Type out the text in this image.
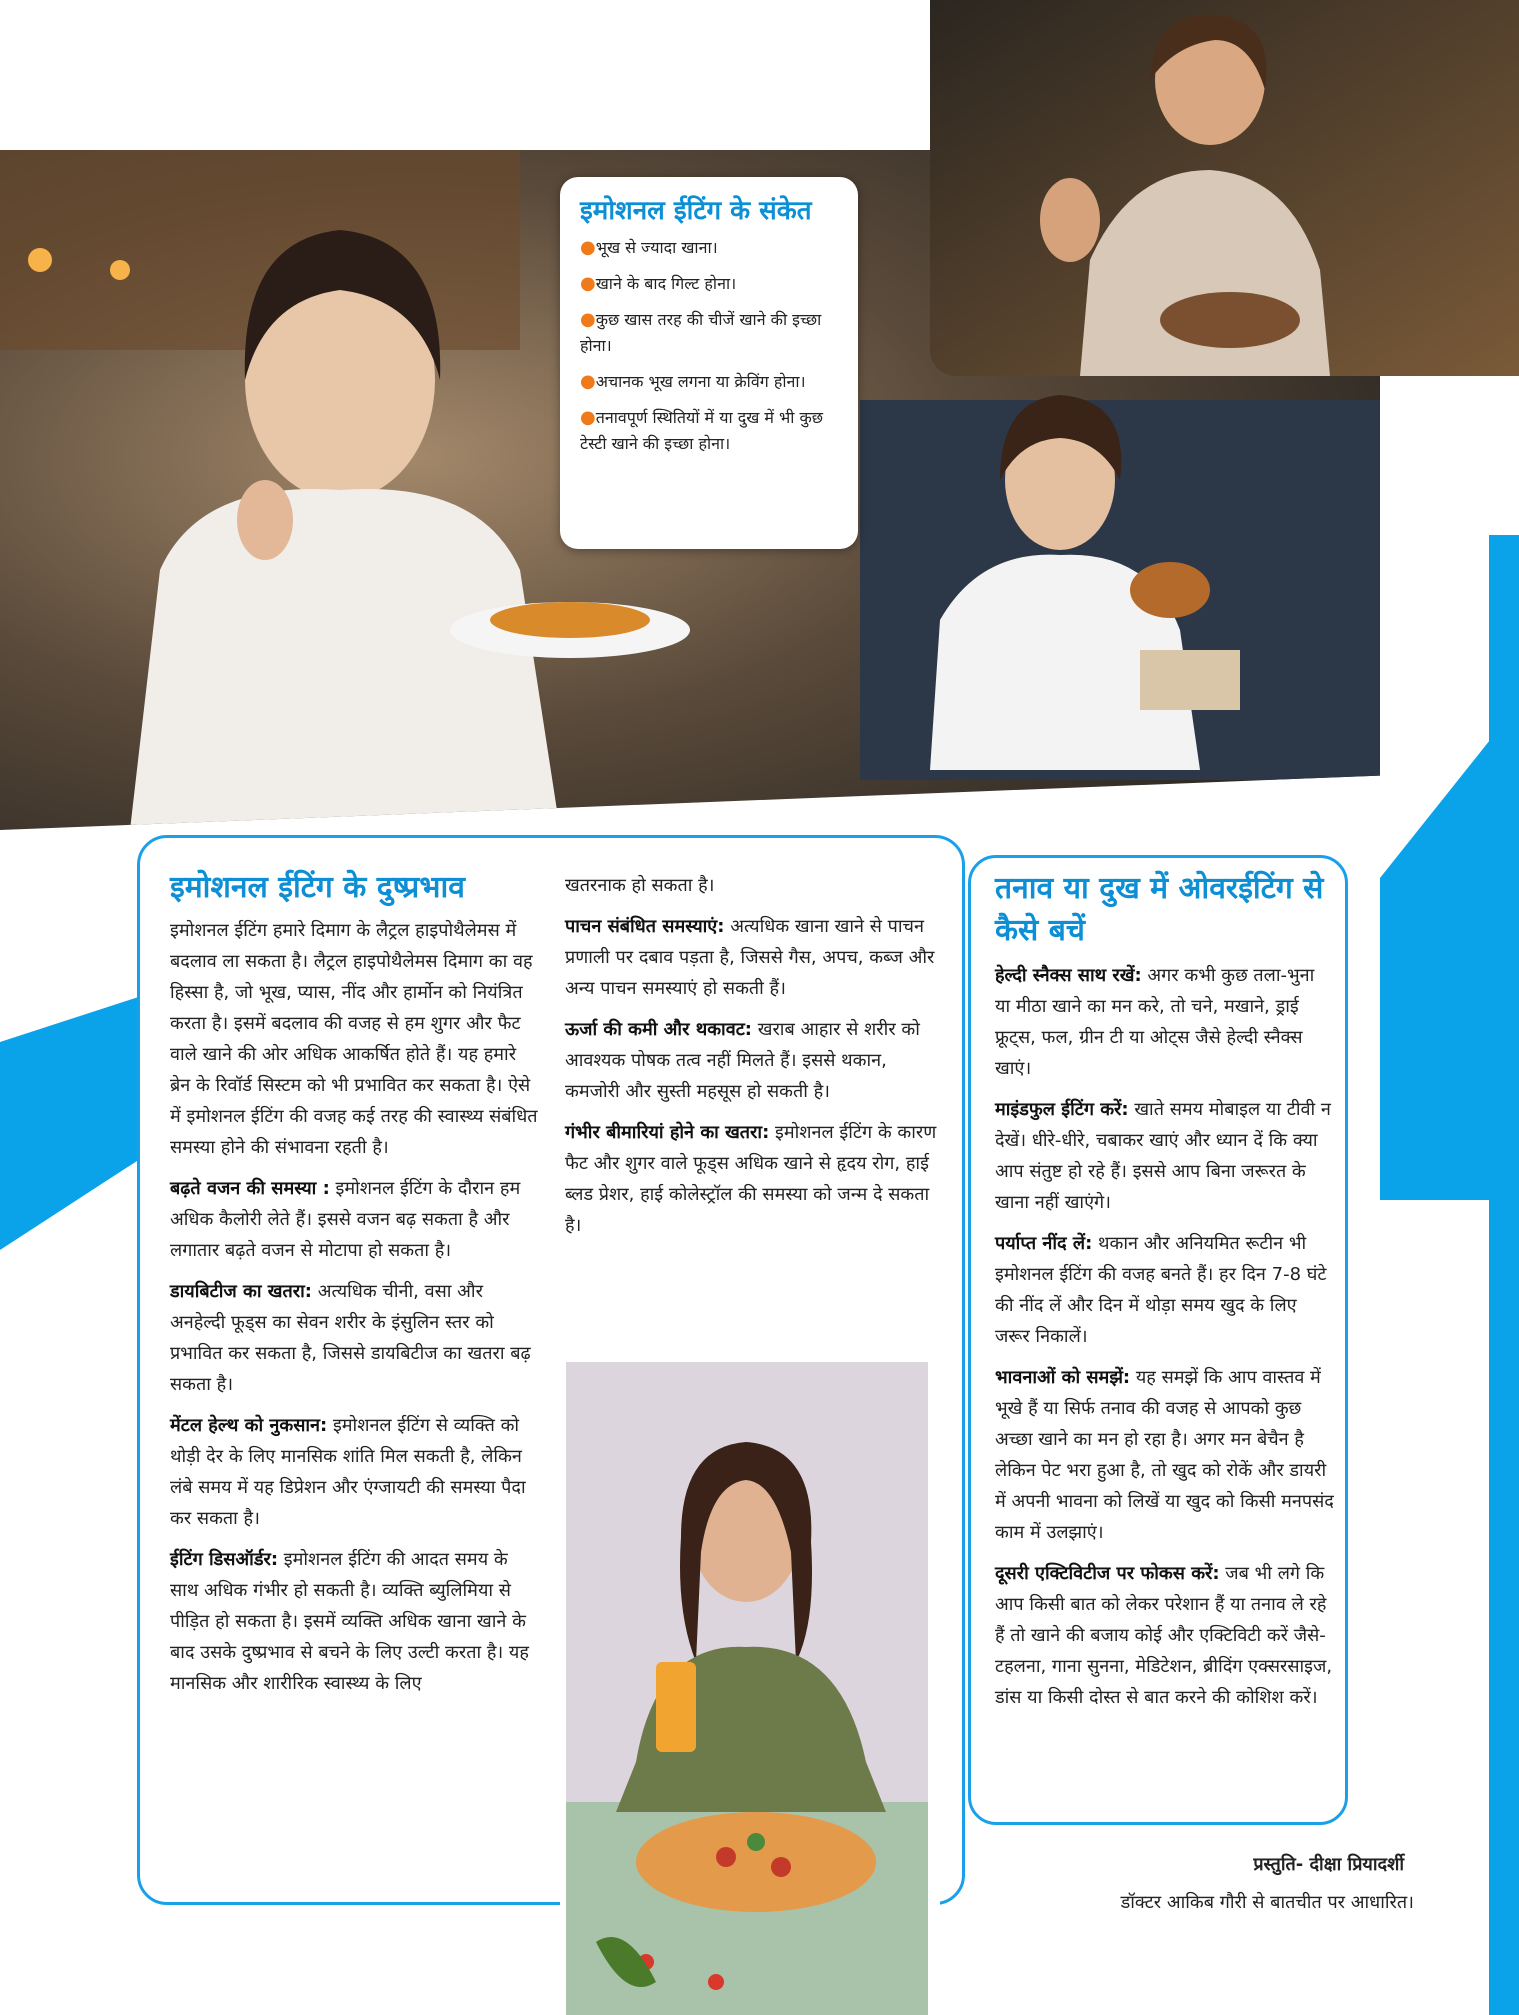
इमोशनल ईटिंग के संकेत
●भूख से ज्यादा खाना।
●खाने के बाद गिल्ट होना।
●कुछ खास तरह की चीजें खाने की इच्छा होना।
●अचानक भूख लगना या क्रेविंग होना।
●तनावपूर्ण स्थितियों में या दुख में भी कुछ टेस्टी खाने की इच्छा होना।
इमोशनल ईटिंग के दुष्प्रभाव

इमोशनल ईटिंग हमारे दिमाग के लैट्रल हाइपोथैलेमस में बदलाव ला सकता है। लैट्रल हाइपोथैलेमस दिमाग का वह हिस्सा है, जो भूख, प्यास, नींद और हार्मोन को नियंत्रित करता है। इसमें बदलाव की वजह से हम शुगर और फैट वाले खाने की ओर अधिक आकर्षित होते हैं। यह हमारे ब्रेन के रिवॉर्ड सिस्टम को भी प्रभावित कर सकता है। ऐसे में इमोशनल ईटिंग की वजह कई तरह की स्वास्थ्य संबंधित समस्या होने की संभावना रहती है।

बढ़ते वजन की समस्या : इमोशनल ईटिंग के दौरान हम अधिक कैलोरी लेते हैं। इससे वजन बढ़ सकता है और लगातार बढ़ते वजन से मोटापा हो सकता है।

डायबिटीज का खतरा: अत्यधिक चीनी, वसा और अनहेल्दी फूड्स का सेवन शरीर के इंसुलिन स्तर को प्रभावित कर सकता है, जिससे डायबिटीज का खतरा बढ़ सकता है।

मेंटल हेल्थ को नुकसान: इमोशनल ईटिंग से व्यक्ति को थोड़ी देर के लिए मानसिक शांति मिल सकती है, लेकिन लंबे समय में यह डिप्रेशन और एंग्जायटी की समस्या पैदा कर सकता है।

ईटिंग डिसऑर्डर: इमोशनल ईटिंग की आदत समय के साथ अधिक गंभीर हो सकती है। व्यक्ति ब्युलिमिया से पीड़ित हो सकता है। इसमें व्यक्ति अधिक खाना खाने के बाद उसके दुष्प्रभाव से बचने के लिए उल्टी करता है। यह मानसिक और शारीरिक स्वास्थ्य के लिए

खतरनाक हो सकता है।

पाचन संबंधित समस्याएं: अत्यधिक खाना खाने से पाचन प्रणाली पर दबाव पड़ता है, जिससे गैस, अपच, कब्ज और अन्य पाचन समस्याएं हो सकती हैं।

ऊर्जा की कमी और थकावट: खराब आहार से शरीर को आवश्यक पोषक तत्व नहीं मिलते हैं। इससे थकान, कमजोरी और सुस्ती महसूस हो सकती है।

गंभीर बीमारियां होने का खतरा: इमोशनल ईटिंग के कारण फैट और शुगर वाले फूड्स अधिक खाने से हृदय रोग, हाई ब्लड प्रेशर, हाई कोलेस्ट्रॉल की समस्या को जन्म दे सकता है।

तनाव या दुख में ओवरईटिंग से कैसे बचें

हेल्दी स्नैक्स साथ रखें: अगर कभी कुछ तला-भुना या मीठा खाने का मन करे, तो चने, मखाने, ड्राई फ्रूट्स, फल, ग्रीन टी या ओट्स जैसे हेल्दी स्नैक्स खाएं।

माइंडफुल ईटिंग करें: खाते समय मोबाइल या टीवी न देखें। धीरे-धीरे, चबाकर खाएं और ध्यान दें कि क्या आप संतुष्ट हो रहे हैं। इससे आप बिना जरूरत के खाना नहीं खाएंगे।

पर्याप्त नींद लें: थकान और अनियमित रूटीन भी इमोशनल ईटिंग की वजह बनते हैं। हर दिन 7-8 घंटे की नींद लें और दिन में थोड़ा समय खुद के लिए जरूर निकालें।

भावनाओं को समझें: यह समझें कि आप वास्तव में भूखे हैं या सिर्फ तनाव की वजह से आपको कुछ अच्छा खाने का मन हो रहा है। अगर मन बेचैन है लेकिन पेट भरा हुआ है, तो खुद को रोकें और डायरी में अपनी भावना को लिखें या खुद को किसी मनपसंद काम में उलझाएं।

दूसरी एक्टिविटीज पर फोकस करें: जब भी लगे कि आप किसी बात को लेकर परेशान हैं या तनाव ले रहे हैं तो खाने की बजाय कोई और एक्टिविटी करें जैसे- टहलना, गाना सुनना, मेडिटेशन, ब्रीदिंग एक्सरसाइज, डांस या किसी दोस्त से बात करने की कोशिश करें।

प्रस्तुति- दीक्षा प्रियादर्शी
डॉक्टर आकिब गौरी से बातचीत पर आधारित।
